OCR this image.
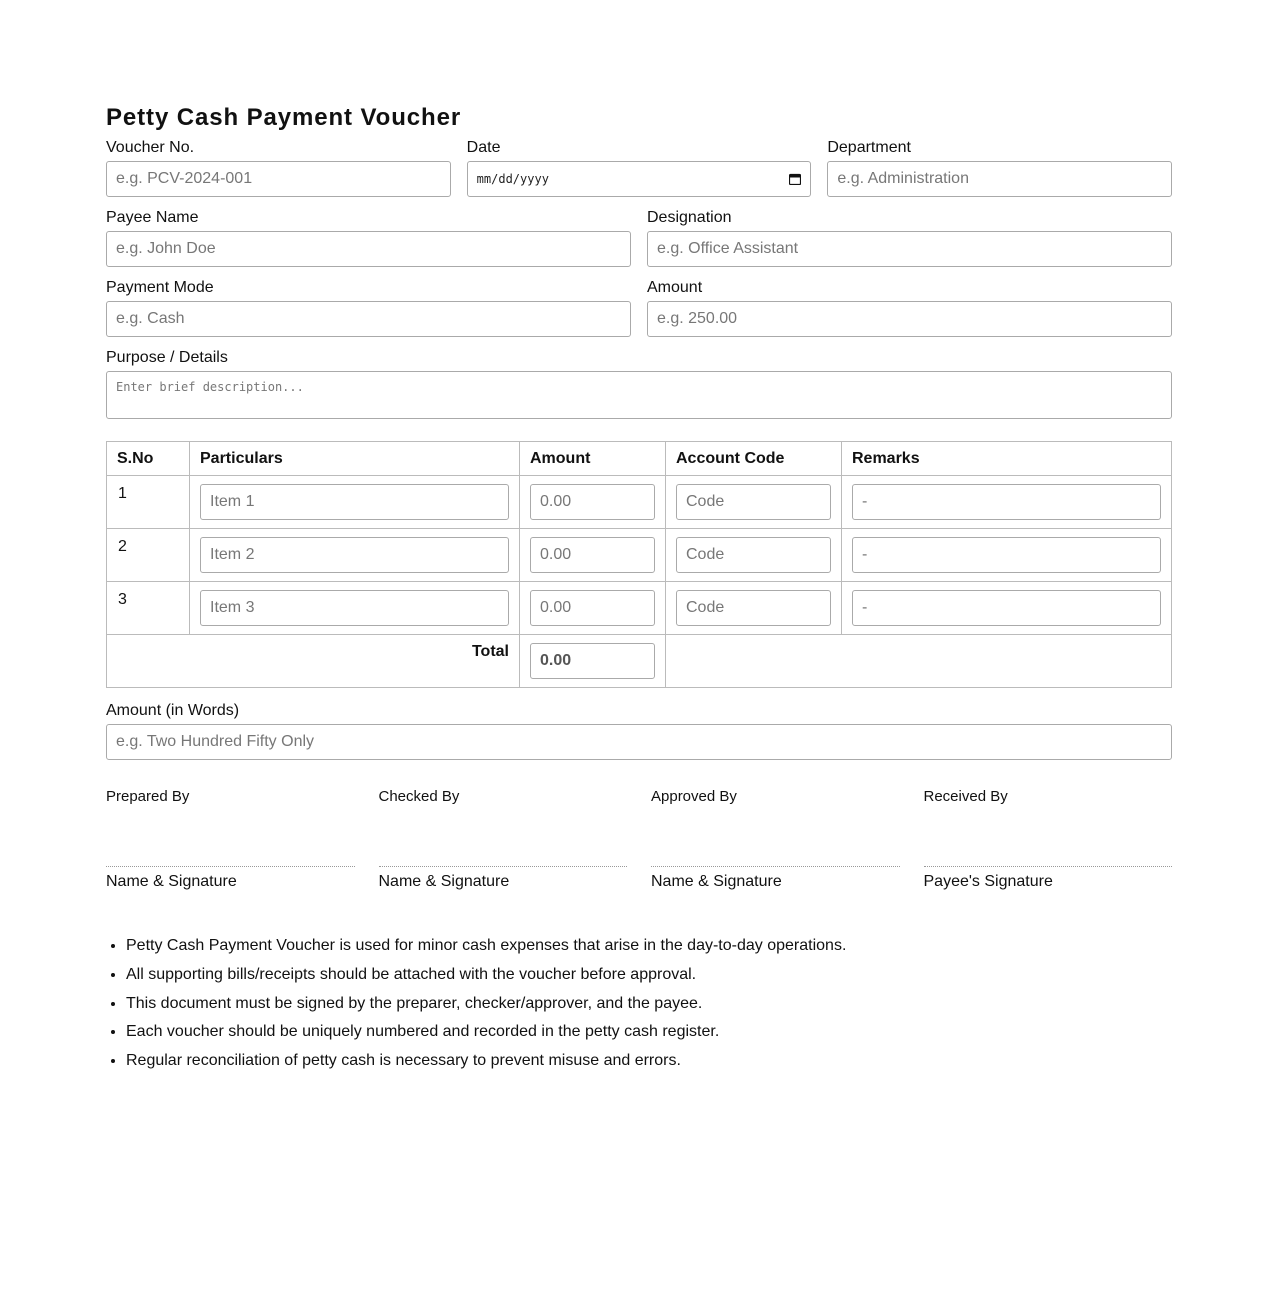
Petty Cash Payment Voucher
Voucher No.
e.g. PCV-2024-001	Date
mm/dd/yyyy
Department
e.g. Administration
Payee Name
e.g. John Doe	Designation
e.g. Office Assistant
Payment Mode
e.g. Cash	Amount
e.g. 250.00
Purpose / Details
Enter brief description...
S.No	Particulars	Amount	Account Code	Remarks
1	Item 1	0.00	Code	-
2	Item 2	0.00	Code	-
3	Item 3	0.00	Code	-
Total	0.00	
Amount (in Words)
e.g. Two Hundred Fifty Only
Prepared By
Name & Signature
Checked By
Name & Signature
Approved By
Name & Signature
Received By
Payee's Signature
• Petty Cash Payment Voucher is used for minor cash expenses that arise in the day-to-day operations.
• All supporting bills/receipts should be attached with the voucher before approval.
• This document must be signed by the preparer, checker/approver, and the payee.
• Each voucher should be uniquely numbered and recorded in the petty cash register.
• Regular reconciliation of petty cash is necessary to prevent misuse and errors.
